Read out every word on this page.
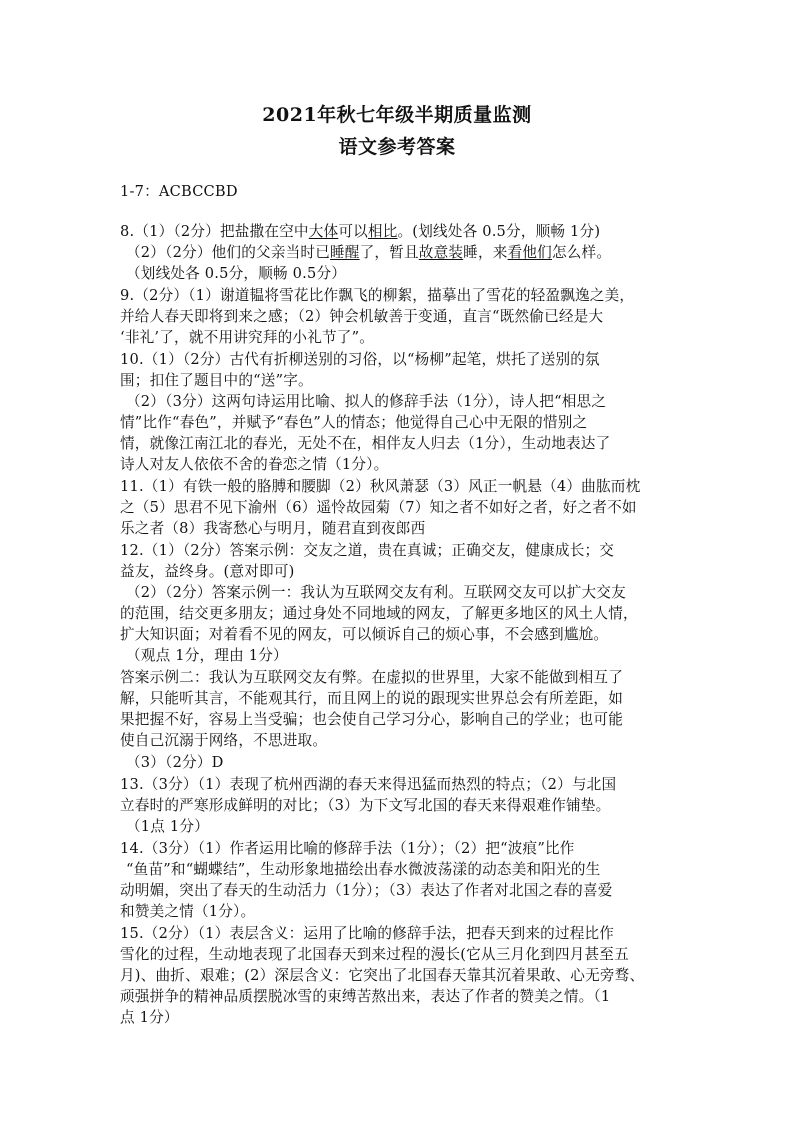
2021年秋七年级半期质量监测
语文参考答案
1-7：ACBCCBD
8.（1）（2分）把盐撒在空中大体可以相比。(划线处各 0.5分，顺畅 1分)
（2）（2分）他们的父亲当时已睡醒了，暂且故意装睡，来看他们怎么样。
（划线处各 0.5分，顺畅 0.5分）
9.（2分）（1）谢道韫将雪花比作飘飞的柳絮，描摹出了雪花的轻盈飘逸之美，
并给人春天即将到来之感；（2）钟会机敏善于变通，直言“既然偷已经是大
‘非礼’了，就不用讲究拜的小礼节了”。
10.（1）（2分）古代有折柳送别的习俗，以“杨柳”起笔，烘托了送别的氛
围；扣住了题目中的“送”字。
（2）（3分）这两句诗运用比喻、拟人的修辞手法（1分），诗人把“相思之
情”比作“春色”，并赋予“春色”人的情态；他觉得自己心中无限的惜别之
情，就像江南江北的春光，无处不在，相伴友人归去（1分），生动地表达了
诗人对友人依依不舍的眷恋之情（1分）。
11.（1）有铁一般的胳膊和腰脚（2）秋风萧瑟（3）风正一帆悬（4）曲肱而枕
之（5）思君不见下渝州（6）遥怜故园菊（7）知之者不如好之者，好之者不如
乐之者（8）我寄愁心与明月，随君直到夜郎西
12.（1）（2分）答案示例：交友之道，贵在真诚；正确交友，健康成长；交
益友，益终身。(意对即可)
（2）（2分）答案示例一：我认为互联网交友有利。互联网交友可以扩大交友
的范围，结交更多朋友；通过身处不同地域的网友，了解更多地区的风土人情，
扩大知识面；对着看不见的网友，可以倾诉自己的烦心事，不会感到尴尬。
（观点 1分，理由 1分）
答案示例二：我认为互联网交友有弊。在虚拟的世界里，大家不能做到相互了
解，只能听其言，不能观其行，而且网上的说的跟现实世界总会有所差距，如
果把握不好，容易上当受骗；也会使自己学习分心，影响自己的学业；也可能
使自己沉溺于网络，不思进取。
（3）（2分）D
13.（3分）（1）表现了杭州西湖的春天来得迅猛而热烈的特点；（2）与北国
立春时的严寒形成鲜明的对比；（3）为下文写北国的春天来得艰难作铺垫。
（1点 1分）
14.（3分）（1）作者运用比喻的修辞手法（1分）；（2）把“波痕”比作
“鱼苗”和“蝴蝶结”，生动形象地描绘出春水微波荡漾的动态美和阳光的生
动明媚，突出了春天的生动活力（1分）；（3）表达了作者对北国之春的喜爱
和赞美之情（1分）。
15.（2分）（1）表层含义：运用了比喻的修辞手法，把春天到来的过程比作
雪化的过程，生动地表现了北国春天到来过程的漫长(它从三月化到四月甚至五
月)、曲折、艰难；(2）深层含义：它突出了北国春天靠其沉着果敢、心无旁骛、
顽强拼争的精神品质摆脱冰雪的束缚苦熬出来，表达了作者的赞美之情。（1
点 1分）
